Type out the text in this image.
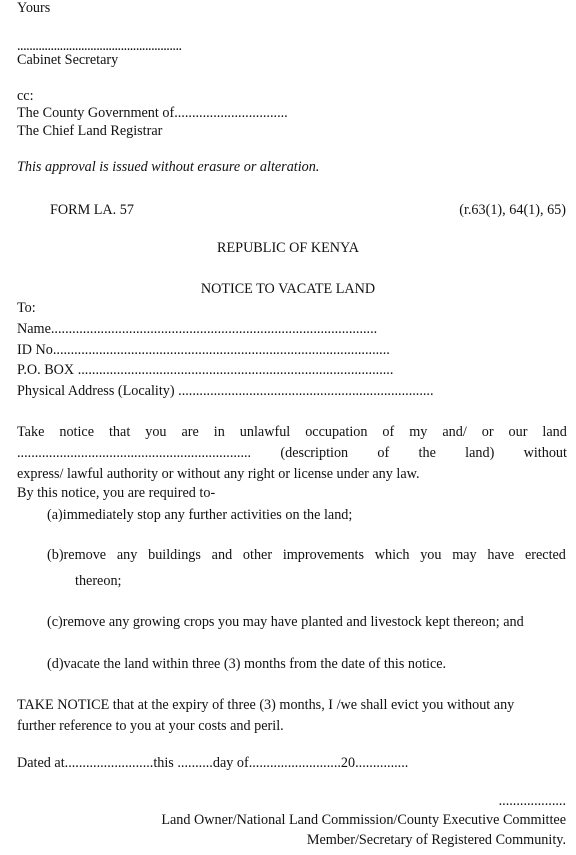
Yours
......................................................
Cabinet Secretary
cc:
The County Government of................................
The Chief Land Registrar
This approval is issued without erasure or alteration.
FORM LA. 57	(r.63(1), 64(1), 65)
REPUBLIC OF KENYA
NOTICE TO VACATE LAND
To:
Name............................................................................................
ID No...............................................................................................
P.O. BOX .........................................................................................
Physical Address (Locality) ........................................................................
Take notice that you are in unlawful occupation of my and/ or our land
.................................................................. (description of the land) without
express/ lawful authority or without any right or license under any law.
By this notice, you are required to-
(a)immediately stop any further activities on the land;
(b)remove any buildings and other improvements which you may have erected
thereon;
(c)remove any growing crops you may have planted and livestock kept thereon; and
(d)vacate the land within three (3) months from the date of this notice.
TAKE NOTICE that at the expiry of three (3) months, I /we shall evict you without any
further reference to you at your costs and peril.
Dated at.........................this ..........day of..........................20...............
...................
Land Owner/National Land Commission/County Executive Committee
Member/Secretary of Registered Community.
